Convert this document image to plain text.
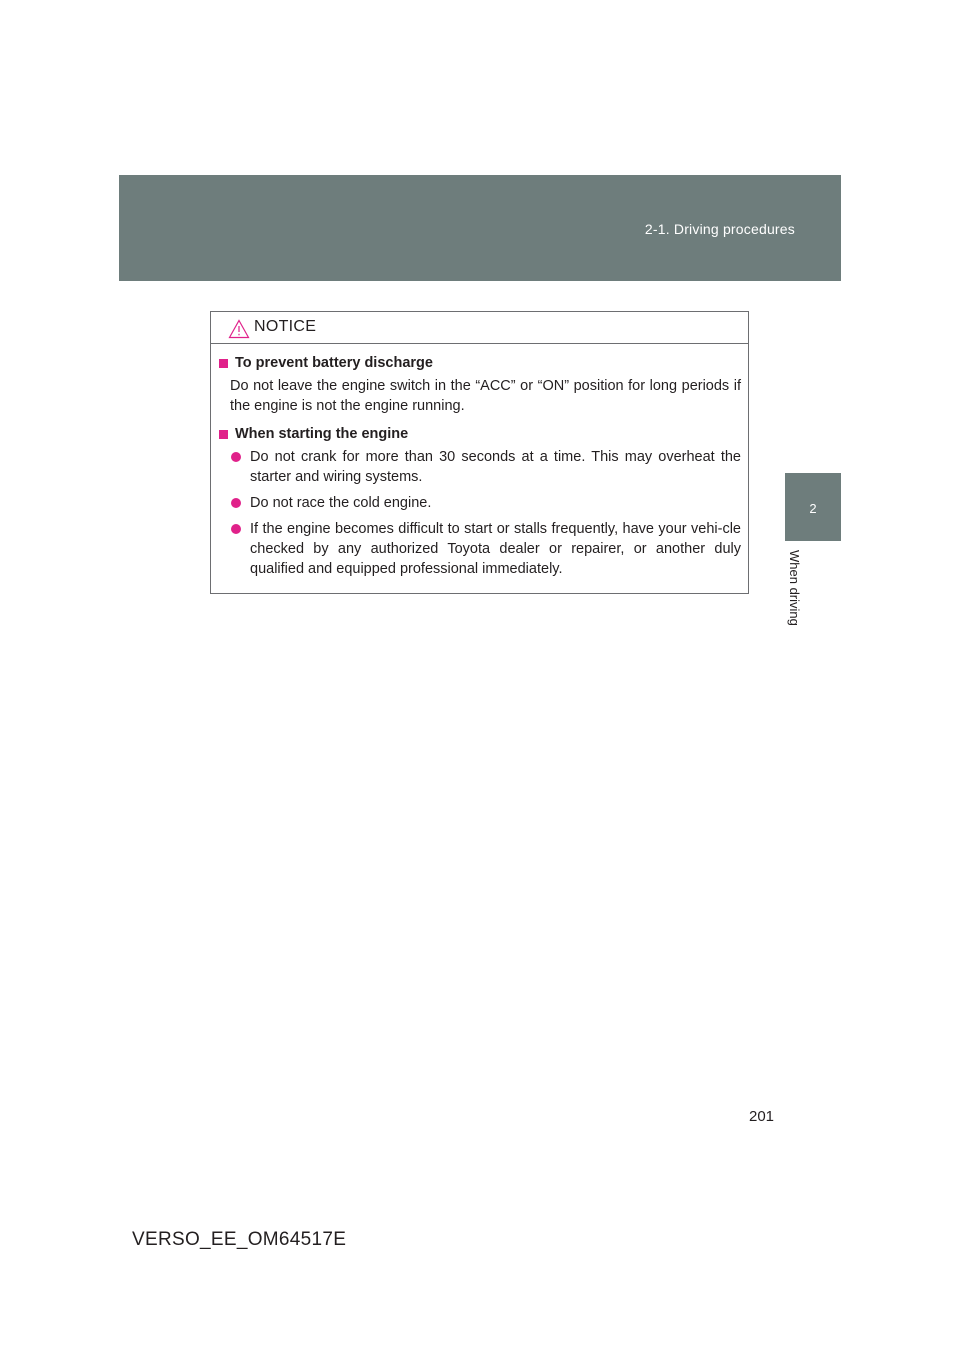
2-1. Driving procedures
2
When driving
NOTICE
To prevent battery discharge

Do not leave the engine switch in the “ACC” or “ON” position for long periods if the engine is not the engine running.

When starting the engine
Do not crank for more than 30 seconds at a time. This may overheat the starter and wiring systems.
Do not race the cold engine.
If the engine becomes difficult to start or stalls frequently, have your vehi-cle checked by any authorized Toyota dealer or repairer, or another duly qualified and equipped professional immediately.
201
VERSO_EE_OM64517E
